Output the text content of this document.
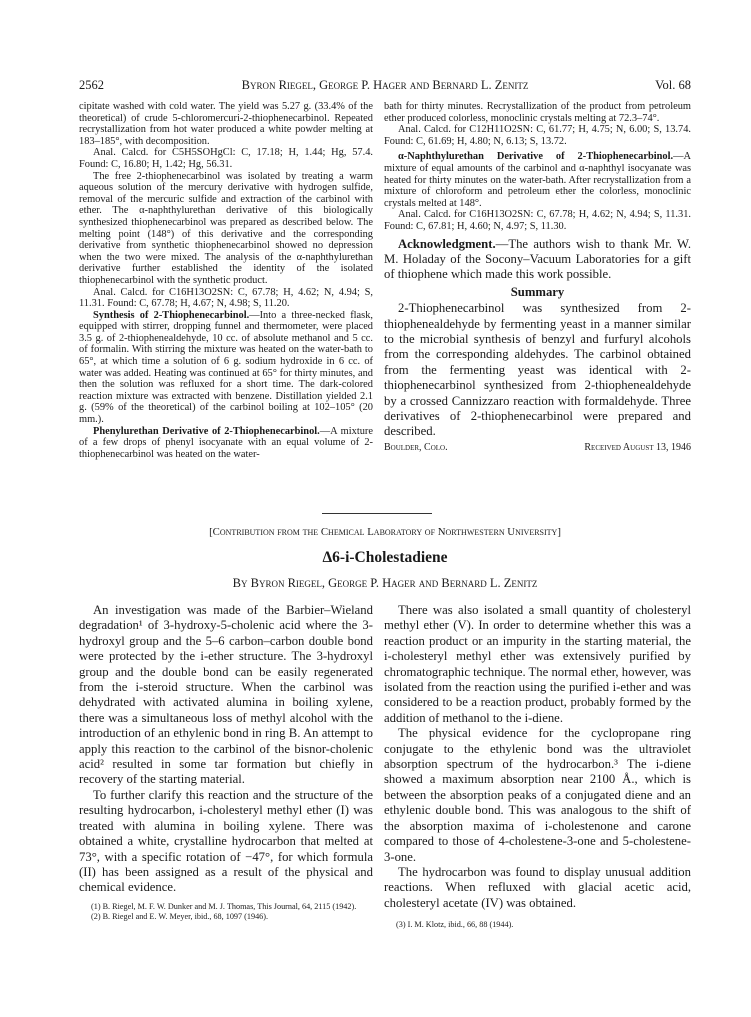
2562	Byron Riegel, George P. Hager and Bernard L. Zenitz	Vol. 68

cipitate washed with cold water. The yield was 5.27 g. (33.4% of the theoretical) of crude 5-chloromercuri-2-thiophenecarbinol. Repeated recrystallization from hot water produced a white powder melting at 183–185°, with decomposition.

Anal. Calcd. for C5H5SOHgCl: C, 17.18; H, 1.44; Hg, 57.4. Found: C, 16.80; H, 1.42; Hg, 56.31.

The free 2-thiophenecarbinol was isolated by treating a warm aqueous solution of the mercury derivative with hydrogen sulfide, removal of the mercuric sulfide and extraction of the carbinol with ether. The α-naphthylurethan derivative of this biologically synthesized thiophenecarbinol was prepared as described below. The melting point (148°) of this derivative and the corresponding derivative from synthetic thiophenecarbinol showed no depression when the two were mixed. The analysis of the α-naphthylurethan derivative further established the identity of the isolated thiophenecarbinol with the synthetic product.

Anal. Calcd. for C16H13O2SN: C, 67.78; H, 4.62; N, 4.94; S, 11.31. Found: C, 67.78; H, 4.67; N, 4.98; S, 11.20.

Synthesis of 2-Thiophenecarbinol.—Into a three-necked flask, equipped with stirrer, dropping funnel and thermometer, were placed 3.5 g. of 2-thiophenealdehyde, 10 cc. of absolute methanol and 5 cc. of formalin. With stirring the mixture was heated on the water-bath to 65°, at which time a solution of 6 g. sodium hydroxide in 6 cc. of water was added. Heating was continued at 65° for thirty minutes, and then the solution was refluxed for a short time. The dark-colored reaction mixture was extracted with benzene. Distillation yielded 2.1 g. (59% of the theoretical) of the carbinol boiling at 102–105° (20 mm.).

Phenylurethan Derivative of 2-Thiophenecarbinol.—A mixture of a few drops of phenyl isocyanate with an equal volume of 2-thiophenecarbinol was heated on the water-

bath for thirty minutes. Recrystallization of the product from petroleum ether produced colorless, monoclinic crystals melting at 72.3–74°.

Anal. Calcd. for C12H11O2SN: C, 61.77; H, 4.75; N, 6.00; S, 13.74. Found: C, 61.69; H, 4.80; N, 6.13; S, 13.72.

α-Naphthylurethan Derivative of 2-Thiophenecarbinol.—A mixture of equal amounts of the carbinol and α-naphthyl isocyanate was heated for thirty minutes on the water-bath. After recrystallization from a mixture of chloroform and petroleum ether the colorless, monoclinic crystals melted at 148°.

Anal. Calcd. for C16H13O2SN: C, 67.78; H, 4.62; N, 4.94; S, 11.31. Found: C, 67.81; H, 4.60; N, 4.97; S, 11.30.

Acknowledgment.—The authors wish to thank Mr. W. M. Holaday of the Socony–Vacuum Laboratories for a gift of thiophene which made this work possible.

Summary

2-Thiophenecarbinol was synthesized from 2-thiophenealdehyde by fermenting yeast in a manner similar to the microbial synthesis of benzyl and furfuryl alcohols from the corresponding aldehydes. The carbinol obtained from the fermenting yeast was identical with 2-thiophenecarbinol synthesized from 2-thiophenealdehyde by a crossed Cannizzaro reaction with formaldehyde. Three derivatives of 2-thiophenecarbinol were prepared and described.

Boulder, Colo.	Received August 13, 1946
[Contribution from the Chemical Laboratory of Northwestern University]
Δ6-i-Cholestadiene
By Byron Riegel, George P. Hager and Bernard L. Zenitz

An investigation was made of the Barbier–Wieland degradation¹ of 3-hydroxy-5-cholenic acid where the 3-hydroxyl group and the 5–6 carbon–carbon double bond were protected by the i-ether structure. The 3-hydroxyl group and the double bond can be easily regenerated from the i-steroid structure. When the carbinol was dehydrated with activated alumina in boiling xylene, there was a simultaneous loss of methyl alcohol with the introduction of an ethylenic bond in ring B. An attempt to apply this reaction to the carbinol of the bisnor-cholenic acid² resulted in some tar formation but chiefly in recovery of the starting material.

To further clarify this reaction and the structure of the resulting hydrocarbon, i-cholesteryl methyl ether (I) was treated with alumina in boiling xylene. There was obtained a white, crystalline hydrocarbon that melted at 73°, with a specific rotation of −47°, for which formula (II) has been assigned as a result of the physical and chemical evidence.

There was also isolated a small quantity of cholesteryl methyl ether (V). In order to determine whether this was a reaction product or an impurity in the starting material, the i-cholesteryl methyl ether was extensively purified by chromatographic technique. The normal ether, however, was isolated from the reaction using the purified i-ether and was considered to be a reaction product, probably formed by the addition of methanol to the i-diene.

The physical evidence for the cyclopropane ring conjugate to the ethylenic bond was the ultraviolet absorption spectrum of the hydrocarbon.³ The i-diene showed a maximum absorption near 2100 Å., which is between the absorption peaks of a conjugated diene and an ethylenic double bond. This was analogous to the shift of the absorption maxima of i-cholestenone and carone compared to those of 4-cholestene-3-one and 5-cholestene-3-one.

The hydrocarbon was found to display unusual addition reactions. When refluxed with glacial acetic acid, cholesteryl acetate (IV) was obtained.

(1) B. Riegel, M. F. W. Dunker and M. J. Thomas, This Journal, 64, 2115 (1942).

(2) B. Riegel and E. W. Meyer, ibid., 68, 1097 (1946).

(3) I. M. Klotz, ibid., 66, 88 (1944).
